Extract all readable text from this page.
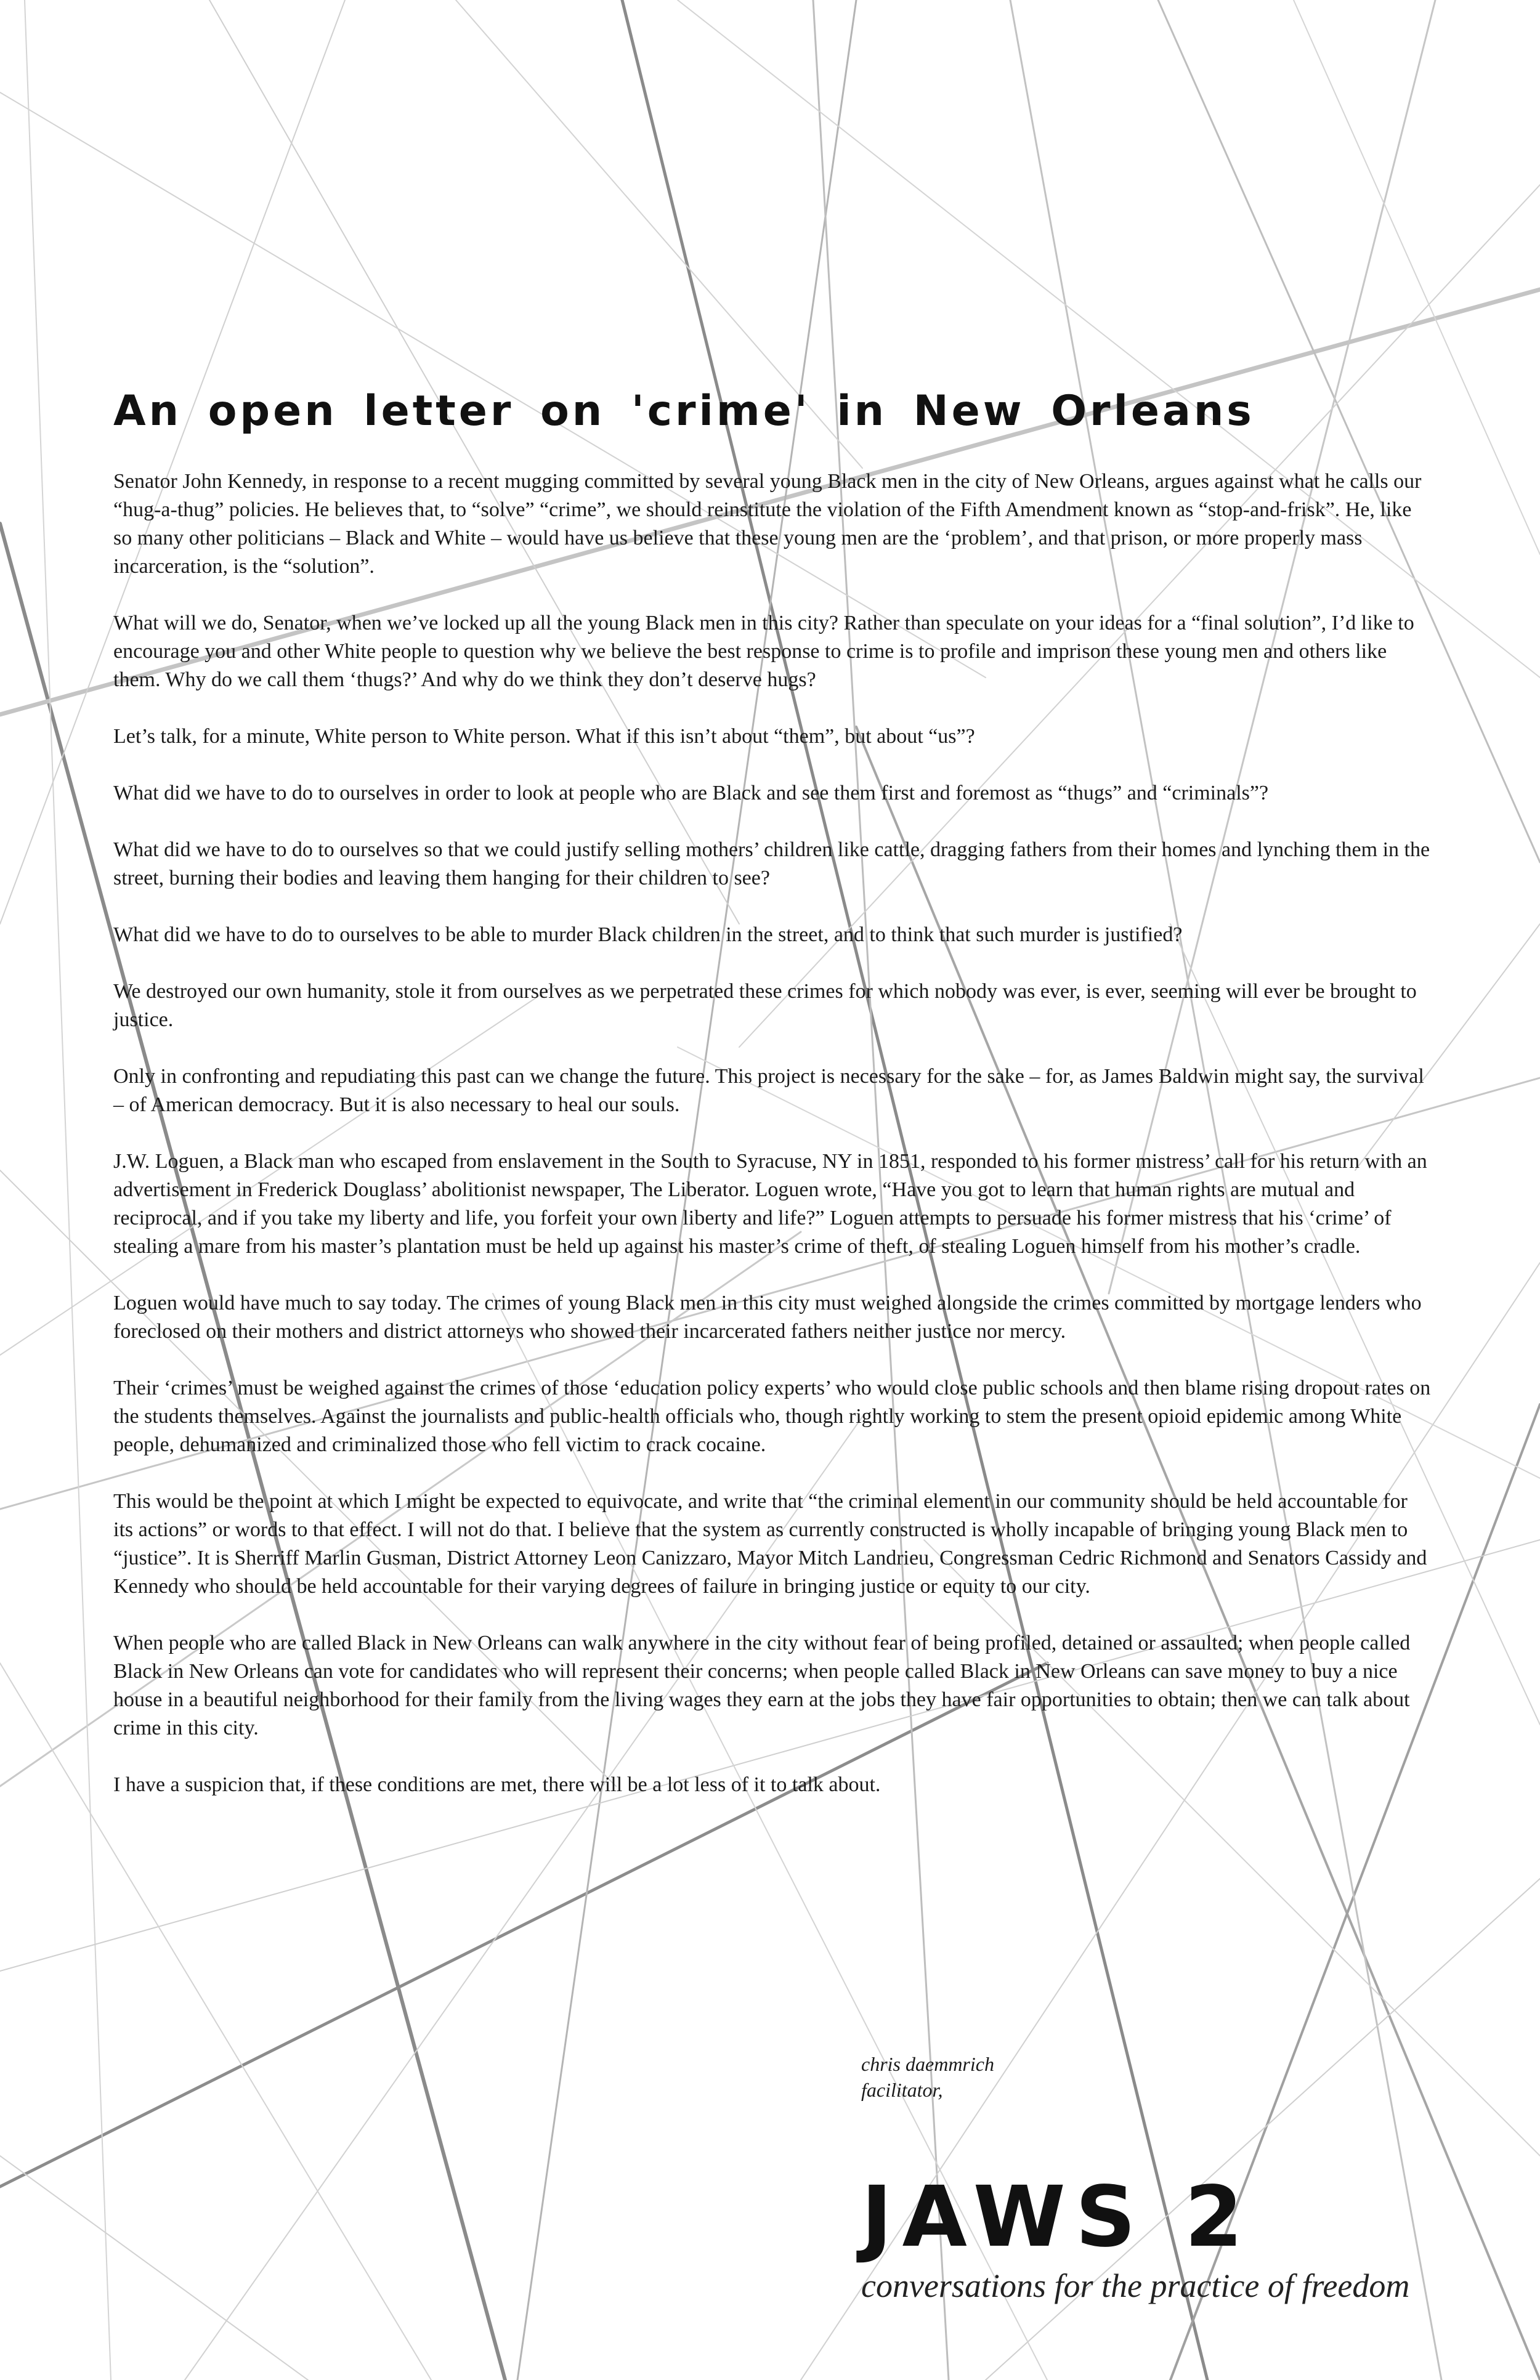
An open letter on 'crime' in New Orleans

Senator John Kennedy, in response to a recent mugging committed by several young Black men in the city of New Orleans, argues against what he calls our “hug-a-thug” policies. He believes that, to “solve” “crime”, we should reinstitute the violation of the Fifth Amendment known as “stop-and-frisk”. He, like so many other politicians – Black and White – would have us believe that these young men are the ‘problem’, and that prison, or more properly mass incarceration, is the “solution”.

What will we do, Senator, when we’ve locked up all the young Black men in this city? Rather than speculate on your ideas for a “final solution”, I’d like to encourage you and other White people to question why we believe the best response to crime is to profile and imprison these young men and others like them. Why do we call them ‘thugs?’ And why do we think they don’t deserve hugs?

Let’s talk, for a minute, White person to White person. What if this isn’t about “them”, but about “us”?

What did we have to do to ourselves in order to look at people who are Black and see them first and foremost as “thugs” and “criminals”?

What did we have to do to ourselves so that we could justify selling mothers’ children like cattle, dragging fathers from their homes and lynching them in the street, burning their bodies and leaving them hanging for their children to see?

What did we have to do to ourselves to be able to murder Black children in the street, and to think that such murder is justified?

We destroyed our own humanity, stole it from ourselves as we perpetrated these crimes for which nobody was ever, is ever, seeming will ever be brought to justice.

Only in confronting and repudiating this past can we change the future. This project is necessary for the sake – for, as James Baldwin might say, the survival – of American democracy. But it is also necessary to heal our souls.

J.W. Loguen, a Black man who escaped from enslavement in the South to Syracuse, NY in 1851, responded to his former mistress’ call for his return with an advertisement in Frederick Douglass’ abolitionist newspaper, The Liberator. Loguen wrote, “Have you got to learn that human rights are mutual and reciprocal, and if you take my liberty and life, you forfeit your own liberty and life?” Loguen attempts to persuade his former mistress that his ‘crime’ of stealing a mare from his master’s plantation must be held up against his master’s crime of theft, of stealing Loguen himself from his mother’s cradle.

Loguen would have much to say today. The crimes of young Black men in this city must weighed alongside the crimes committed by mortgage lenders who foreclosed on their mothers and district attorneys who showed their incarcerated fathers neither justice nor mercy.

Their ‘crimes’ must be weighed against the crimes of those ‘education policy experts’ who would close public schools and then blame rising dropout rates on the students themselves. Against the journalists and public-health officials who, though rightly working to stem the present opioid epidemic among White people, dehumanized and criminalized those who fell victim to crack cocaine.

This would be the point at which I might be expected to equivocate, and write that “the criminal element in our community should be held accountable for its actions” or words to that effect. I will not do that. I believe that the system as currently constructed is wholly incapable of bringing young Black men to “justice”. It is Sherriff Marlin Gusman, District Attorney Leon Canizzaro, Mayor Mitch Landrieu, Congressman Cedric Richmond and Senators Cassidy and Kennedy who should be held accountable for their varying degrees of failure in bringing justice or equity to our city.

When people who are called Black in New Orleans can walk anywhere in the city without fear of being profiled, detained or assaulted; when people called Black in New Orleans can vote for candidates who will represent their concerns; when people called Black in New Orleans can save money to buy a nice house in a beautiful neighborhood for their family from the living wages they earn at the jobs they have fair opportunities to obtain; then we can talk about crime in this city.

I have a suspicion that, if these conditions are met, there will be a lot less of it to talk about.

chris daemmrich
facilitator,
JAWS 2
conversations for the practice of freedom
